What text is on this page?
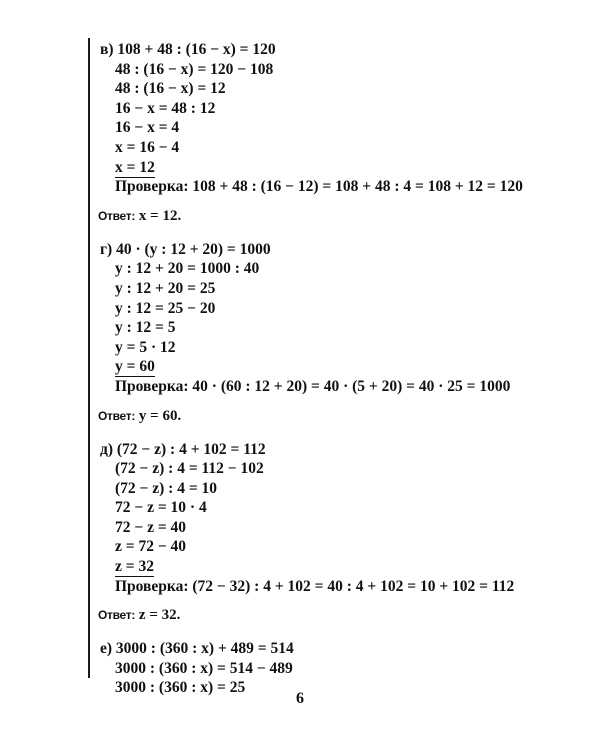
в) 108 + 48 : (16 − x) = 120
48 : (16 − x) = 120 − 108
48 : (16 − x) = 12
16 − x = 48 : 12
16 − x = 4
x = 16 − 4
x = 12
Проверка: 108 + 48 : (16 − 12) = 108 + 48 : 4 = 108 + 12 = 120
Ответ: x = 12.
г) 40 · (y : 12 + 20) = 1000
y : 12 + 20 = 1000 : 40
y : 12 + 20 = 25
y : 12 = 25 − 20
y : 12 = 5
y = 5 · 12
y = 60
Проверка: 40 · (60 : 12 + 20) = 40 · (5 + 20) = 40 · 25 = 1000
Ответ: y = 60.
д) (72 − z) : 4 + 102 = 112
(72 − z) : 4 = 112 − 102
(72 − z) : 4 = 10
72 − z = 10 · 4
72 − z = 40
z = 72 − 40
z = 32
Проверка: (72 − 32) : 4 + 102 = 40 : 4 + 102 = 10 + 102 = 112
Ответ: z = 32.
е) 3000 : (360 : x) + 489 = 514
3000 : (360 : x) = 514 − 489
3000 : (360 : x) = 25
6
